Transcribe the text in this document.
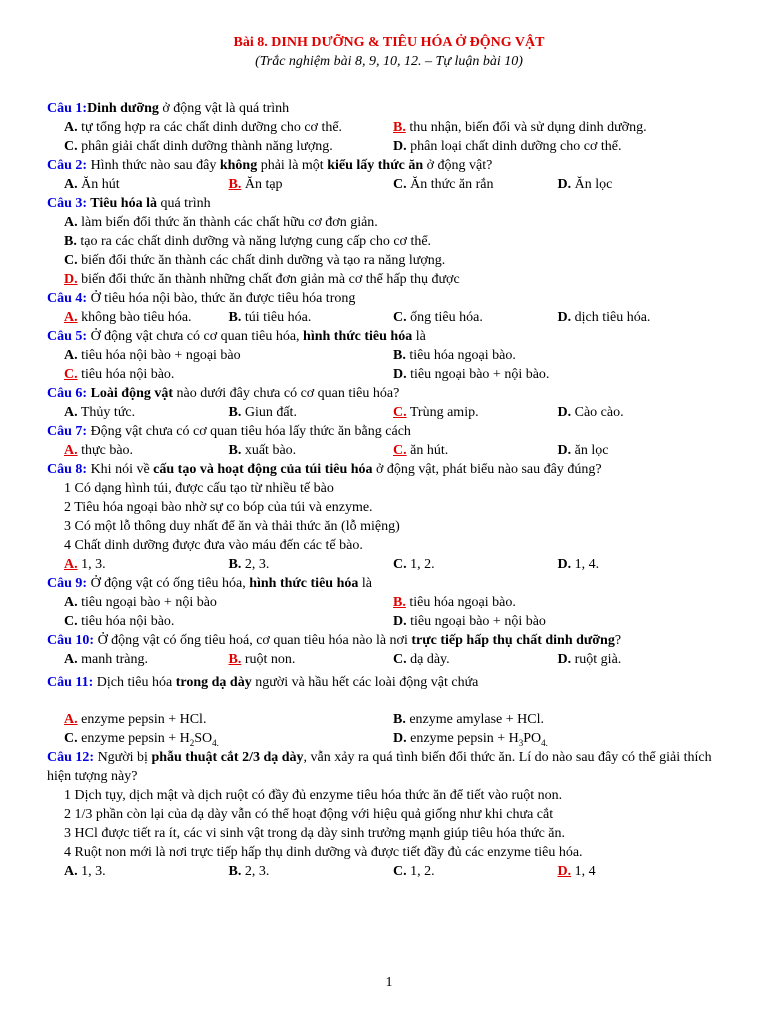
Bài 8. DINH DƯỠNG & TIÊU HÓA Ở ĐỘNG VẬT
(Trắc nghiệm bài 8, 9, 10, 12. – Tự luận bài 10)
Câu 1:Dinh dưỡng ở động vật là quá trình
A. tự tổng hợp ra các chất dinh dưỡng cho cơ thể.	B. thu nhận, biến đổi và sử dụng dinh dưỡng.
C. phân giải chất dinh dưỡng thành năng lượng.	D. phân loại chất dinh dưỡng cho cơ thể.
Câu 2: Hình thức nào sau đây không phải là một kiểu lấy thức ăn ở động vật?
A. Ăn hút	B. Ăn tạp	C. Ăn thức ăn rắn	D. Ăn lọc
Câu 3: Tiêu hóa là quá trình
A. làm biến đổi thức ăn thành các chất hữu cơ đơn giản.
B. tạo ra các chất dinh dưỡng và năng lượng cung cấp cho cơ thể.
C. biến đổi thức ăn thành các chất dinh dưỡng và tạo ra năng lượng.
D. biến đổi thức ăn thành những chất đơn giản mà cơ thể hấp thụ được
Câu 4: Ở tiêu hóa nội bào, thức ăn được tiêu hóa trong
A. không bào tiêu hóa.	B. túi tiêu hóa.	C. ống tiêu hóa.	D. dịch tiêu hóa.
Câu 5: Ở động vật chưa có cơ quan tiêu hóa, hình thức tiêu hóa là
A. tiêu hóa nội bào + ngoại bào	B. tiêu hóa ngoại bào.
C. tiêu hóa nội bào.	D. tiêu ngoại bào + nội bào.
Câu 6: Loài động vật nào dưới đây chưa có cơ quan tiêu hóa?
A. Thủy tức.	B. Giun đất.	C. Trùng amip.	D. Cào cào.
Câu 7: Động vật chưa có cơ quan tiêu hóa lấy thức ăn bằng cách
A. thực bào.	B. xuất bào.	C. ăn hút.	D. ăn lọc
Câu 8: Khi nói về cấu tạo và hoạt động của túi tiêu hóa ở động vật, phát biểu nào sau đây đúng?
1 Có dạng hình túi, được cấu tạo từ nhiều tế bào
2 Tiêu hóa ngoại bào nhờ sự co bóp của túi và enzyme.
3 Có một lỗ thông duy nhất để ăn và thải thức ăn (lỗ miệng)
4 Chất dinh dưỡng được đưa vào máu đến các tế bào.
A. 1, 3.	B. 2, 3.	C. 1, 2.	D. 1, 4.
Câu 9: Ở động vật có ống tiêu hóa, hình thức tiêu hóa là
A. tiêu ngoại bào + nội bào	B. tiêu hóa ngoại bào.
C. tiêu hóa nội bào.	D. tiêu ngoại bào + nội bào
Câu 10: Ở động vật có ống tiêu hoá, cơ quan tiêu hóa nào là nơi trực tiếp hấp thụ chất dinh dưỡng?
A. manh tràng.	B. ruột non.	C. dạ dày.	D. ruột già.
Câu 11: Dịch tiêu hóa trong dạ dày người và hầu hết các loài động vật chứa
A. enzyme pepsin + HCl.	B. enzyme amylase + HCl.
C. enzyme $pepsin + H_2SO_{4.}$	D. enzyme $pepsin + H_3PO_{4.}$
Câu 12: Người bị phẫu thuật cắt 2/3 dạ dày, vẫn xảy ra quá tình biến đổi thức ăn. Lí do nào sau đây có thể giải thích hiện tượng này?
1 Dịch tụy, dịch mật và dịch ruột có đầy đủ enzyme tiêu hóa thức ăn để tiết vào ruột non.
2 1/3 phần còn lại của dạ dày vẫn có thể hoạt động với hiệu quả giống như khi chưa cắt
3 HCl được tiết ra ít, các vi sinh vật trong dạ dày sinh trưởng mạnh giúp tiêu hóa thức ăn.
4 Ruột non mới là nơi trực tiếp hấp thụ dinh dưỡng và được tiết đầy đủ các enzyme tiêu hóa.
A. 1, 3.	B. 2, 3.	C. 1, 2.	D. 1, 4
1
